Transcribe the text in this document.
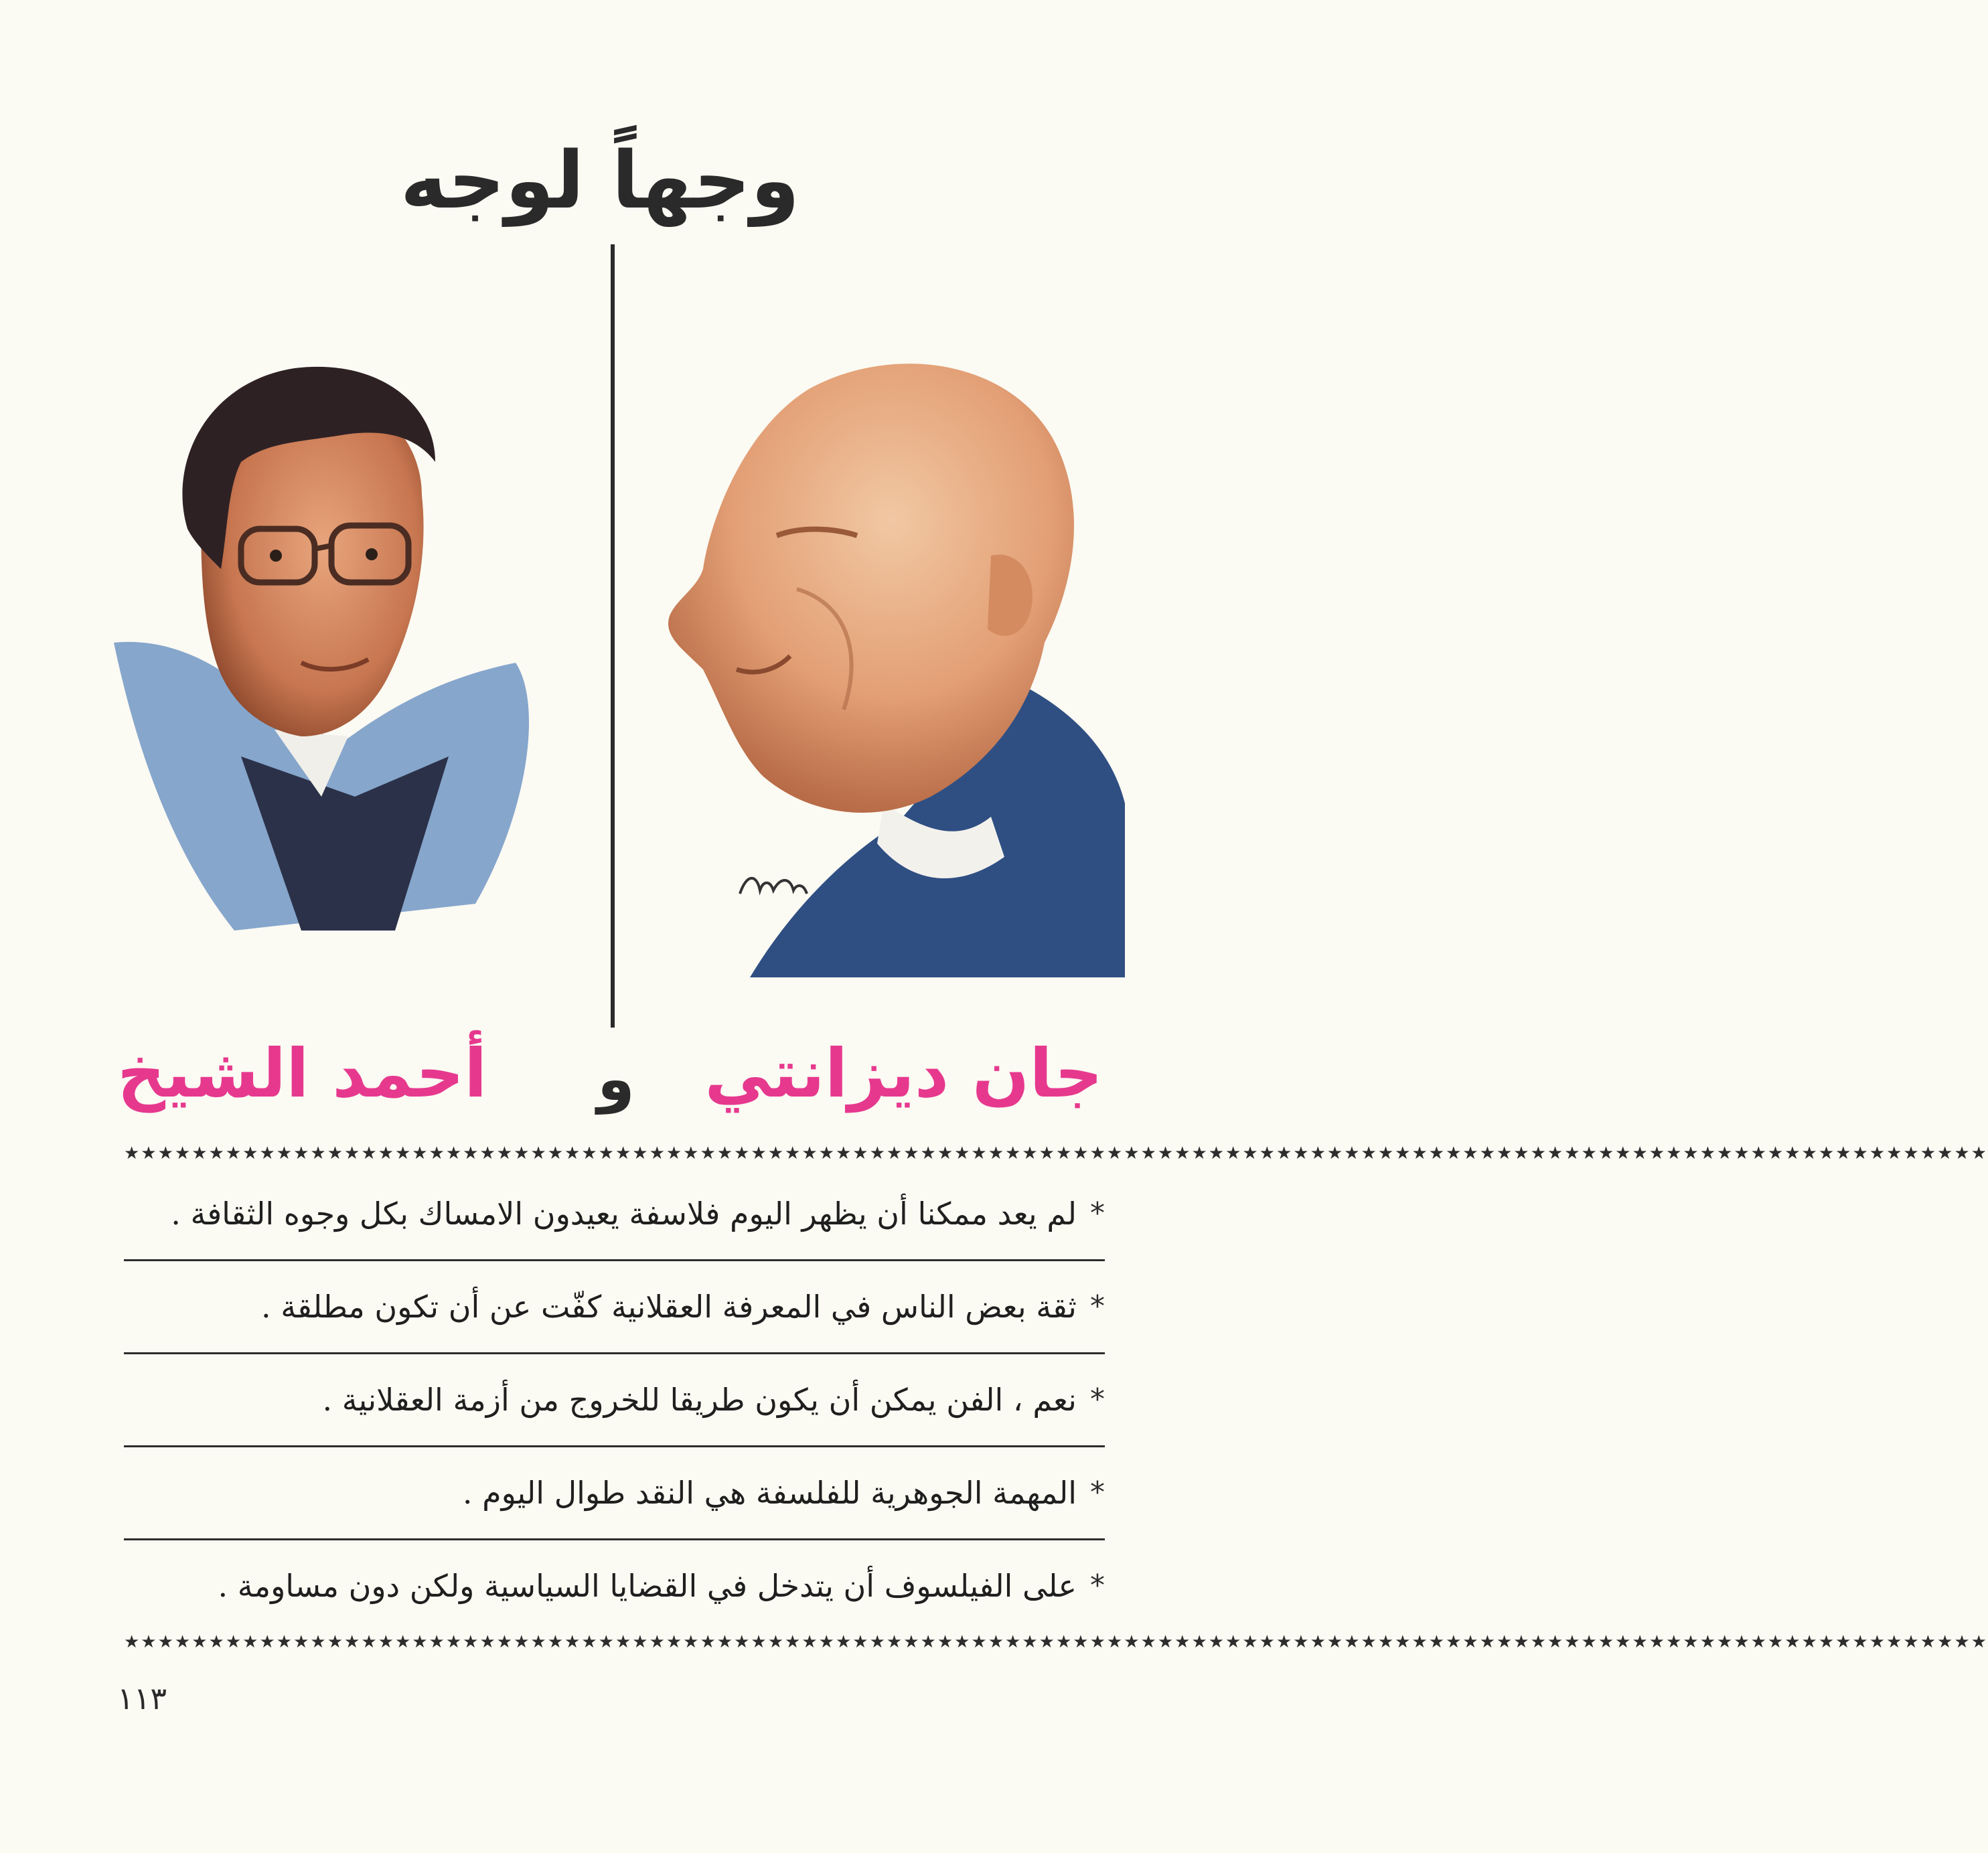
وجهاً لوجه
جان ديزانتي
و
أحمد الشيخ
★★★★★★★★★★★★★★★★★★★★★★★★★★★★★★★★★★★★★★★★★★★★★★★★★★★★★★★★★★★★★★★★★★★★★★★★★★★★★★★★★★★★★★★★★★★★★★★★★★★★★★★★★★★★★★
*
لم يعد ممكنا أن يظهر اليوم فلاسفة يعيدون الامساك بكل وجوه الثقافة .
*
ثقة بعض الناس في المعرفة العقلانية كفّت عن أن تكون مطلقة .
*
نعم ، الفن يمكن أن يكون طريقا للخروج من أزمة العقلانية .
*
المهمة الجوهرية للفلسفة هي النقد طوال اليوم .
*
على الفيلسوف أن يتدخل في القضايا السياسية ولكن دون مساومة .
★★★★★★★★★★★★★★★★★★★★★★★★★★★★★★★★★★★★★★★★★★★★★★★★★★★★★★★★★★★★★★★★★★★★★★★★★★★★★★★★★★★★★★★★★★★★★★★★★★★★★★★★★★★★★★
١١٣
